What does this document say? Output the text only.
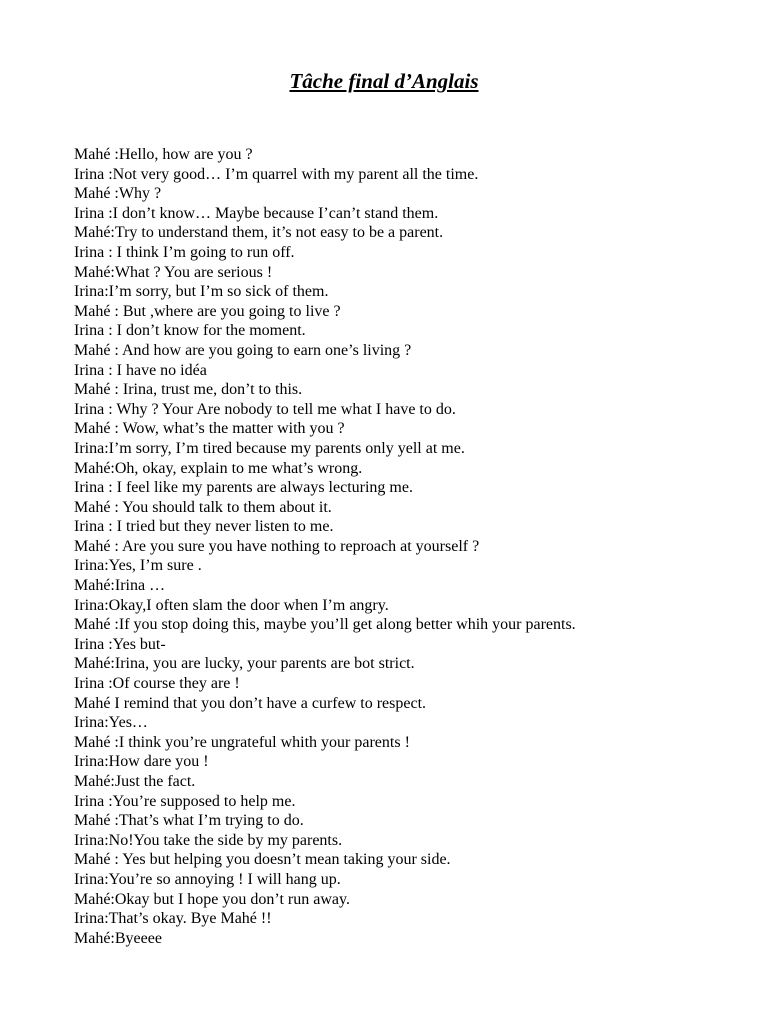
Tâche final d’Anglais
Mahé :Hello, how are you ?
Irina :Not very good… I’m quarrel with my parent all the time.
Mahé :Why ?
Irina :I don’t know… Maybe because I’can’t stand them.
Mahé:Try to understand them, it’s not easy to be a parent.
Irina : I think I’m going to run off.
Mahé:What ? You are serious !
Irina:I’m sorry, but I’m so sick of them.
Mahé : But ,where are you going to live ?
Irina : I don’t know for the moment.
Mahé : And how are you going to earn one’s living ?
Irina : I have no idéa
Mahé : Irina, trust me, don’t to this.
Irina : Why ? Your Are nobody to tell me what I have to do.
Mahé : Wow, what’s the matter with you ?
Irina:I’m sorry, I’m tired because my parents only yell at me.
Mahé:Oh, okay, explain to me what’s wrong.
Irina : I feel like my parents are always lecturing me.
Mahé : You should talk to them about it.
Irina : I tried but they never listen to me.
Mahé : Are you sure you have nothing to reproach at yourself ?
Irina:Yes, I’m sure .
Mahé:Irina …
Irina:Okay,I often slam the door when I’m angry.
Mahé :If you stop doing this, maybe you’ll get along better whih your parents.
Irina :Yes but-
Mahé:Irina, you are lucky, your parents are bot strict.
Irina :Of course they are !
Mahé I remind that you don’t have a curfew to respect.
Irina:Yes…
Mahé :I think you’re ungrateful whith your parents !
Irina:How dare you !
Mahé:Just the fact.
Irina :You’re supposed to help me.
Mahé :That’s what I’m trying to do.
Irina:No!You take the side by my parents.
Mahé : Yes but helping you doesn’t mean taking your side.
Irina:You’re so annoying ! I will hang up.
Mahé:Okay but I hope you don’t run away.
Irina:That’s okay. Bye Mahé !!
Mahé:Byeeee
